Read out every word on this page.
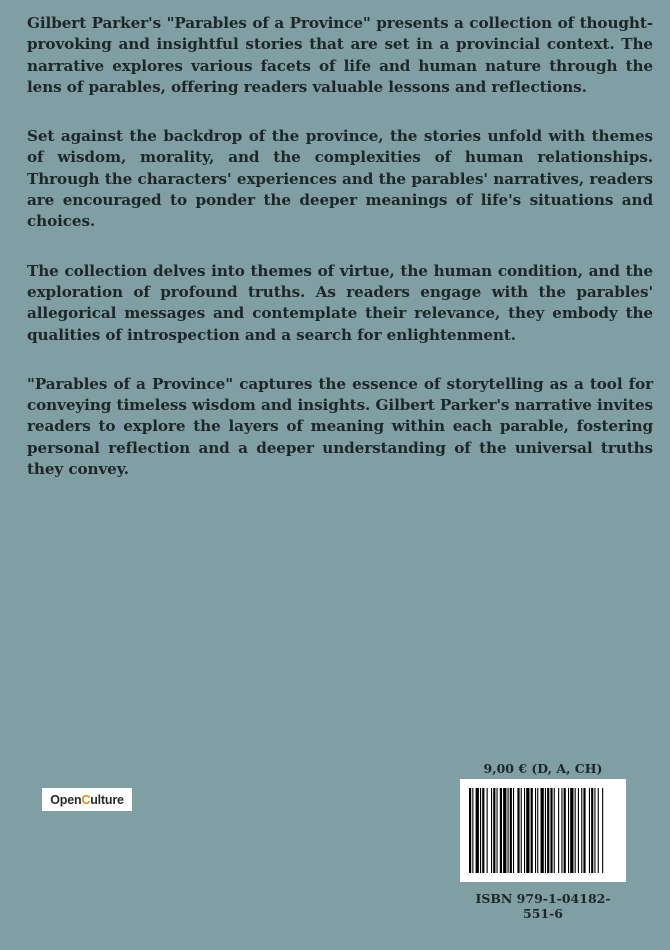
Gilbert Parker's "Parables of a Province" presents a collection of thought-provoking and insightful stories that are set in a provincial context. The narrative explores various facets of life and human nature through the lens of parables, offering readers valuable lessons and reflections.

Set against the backdrop of the province, the stories unfold with themes of wisdom, morality, and the complexities of human relationships. Through the characters' experiences and the parables' narratives, readers are encouraged to ponder the deeper meanings of life's situations and choices.

The collection delves into themes of virtue, the human condition, and the exploration of profound truths. As readers engage with the parables' allegorical messages and contemplate their relevance, they embody the qualities of introspection and a search for enlightenment.

"Parables of a Province" captures the essence of storytelling as a tool for conveying timeless wisdom and insights. Gilbert Parker's narrative invites readers to explore the layers of meaning within each parable, fostering personal reflection and a deeper understanding of the universal truths they convey.

Open C ulture
9,00 € (D, A, CH)
ISBN 979-1-04182-551-6
